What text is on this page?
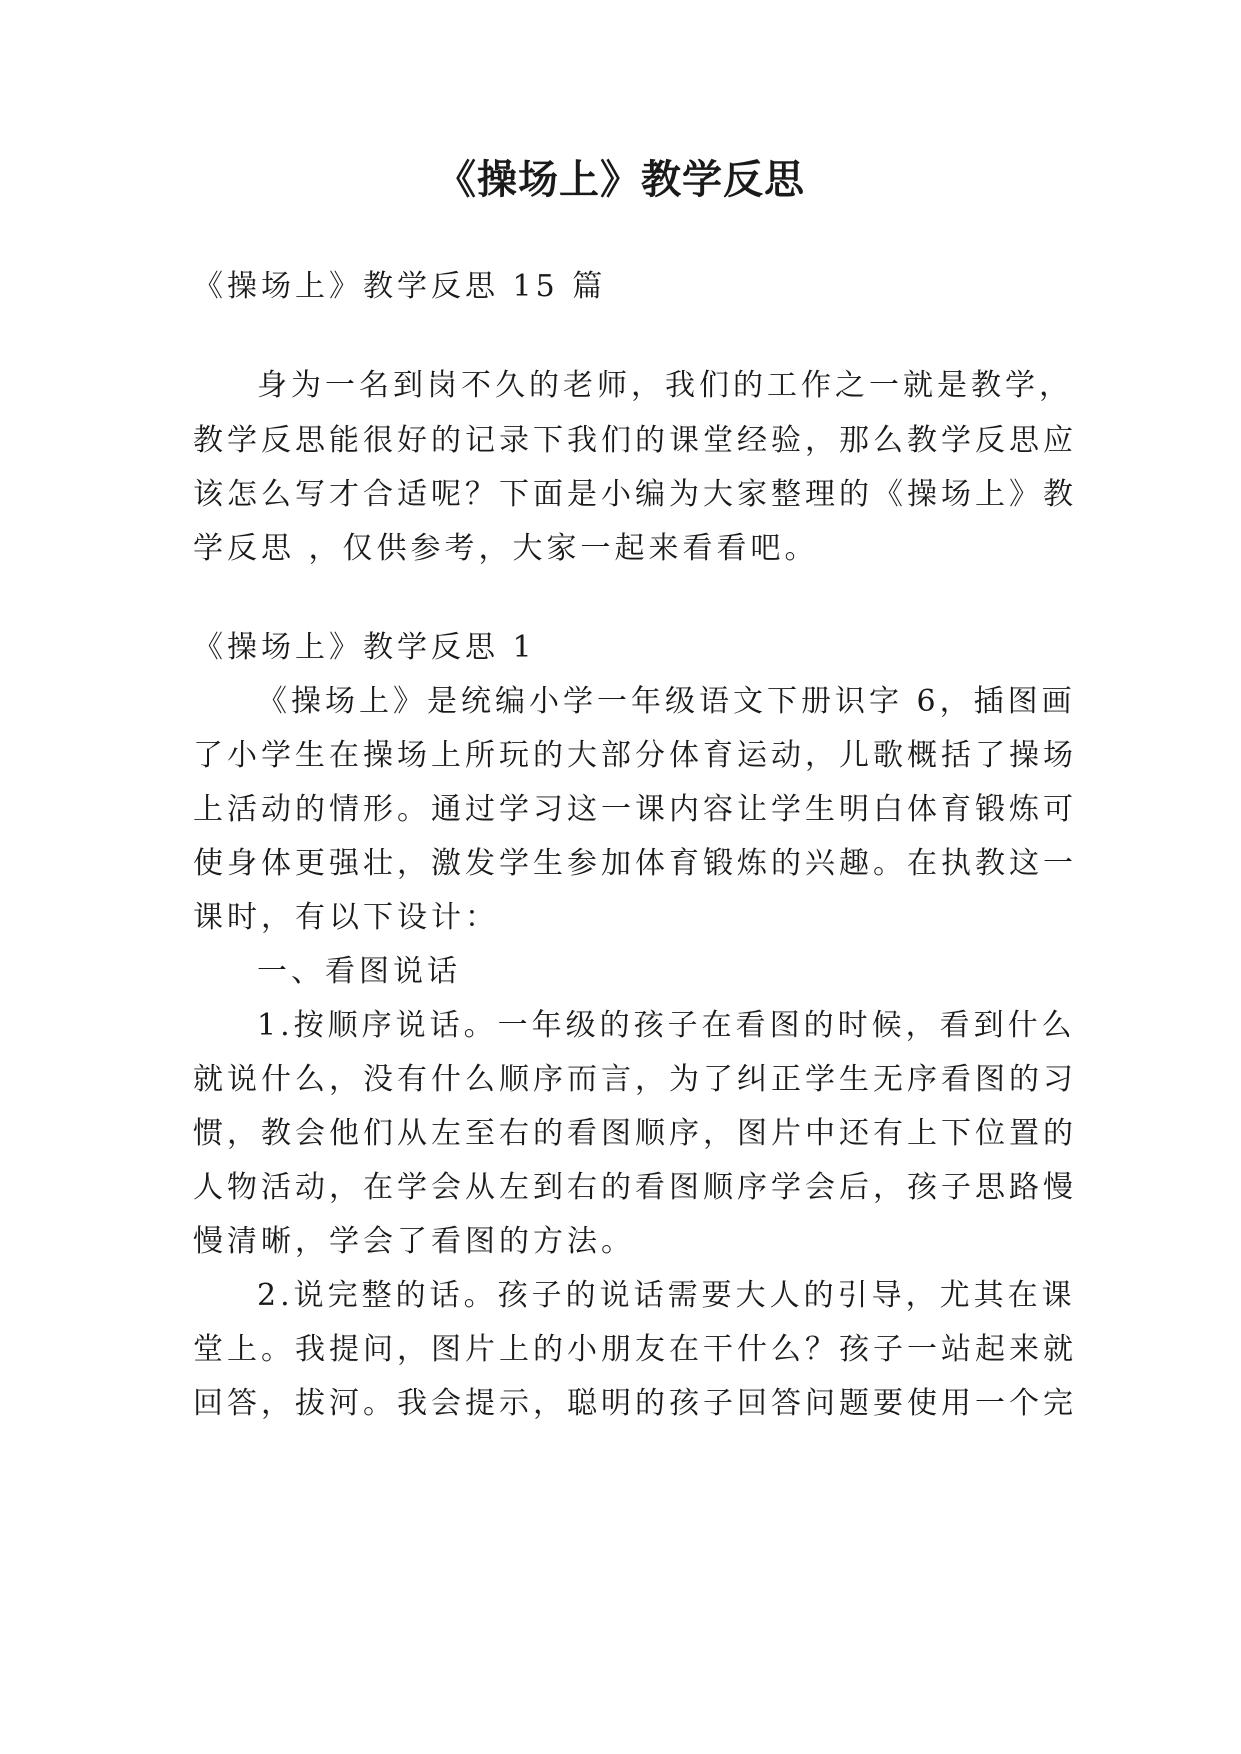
《操场上》教学反思
《操场上》教学反思 15 篇
身为一名到岗不久的老师，我们的工作之一就是教学，
教学反思能很好的记录下我们的课堂经验，那么教学反思应
该怎么写才合适呢？下面是小编为大家整理的《操场上》教
学反思 ，仅供参考，大家一起来看看吧。
《操场上》教学反思 1
《操场上》是统编小学一年级语文下册识字 6，插图画
了小学生在操场上所玩的大部分体育运动，儿歌概括了操场
上活动的情形。通过学习这一课内容让学生明白体育锻炼可
使身体更强壮，激发学生参加体育锻炼的兴趣。在执教这一
课时，有以下设计：
一、看图说话
1.按顺序说话。一年级的孩子在看图的时候，看到什么
就说什么，没有什么顺序而言，为了纠正学生无序看图的习
惯，教会他们从左至右的看图顺序，图片中还有上下位置的
人物活动，在学会从左到右的看图顺序学会后，孩子思路慢
慢清晰，学会了看图的方法。
2.说完整的话。孩子的说话需要大人的引导，尤其在课
堂上。我提问，图片上的小朋友在干什么？孩子一站起来就
回答，拔河。我会提示，聪明的孩子回答问题要使用一个完
